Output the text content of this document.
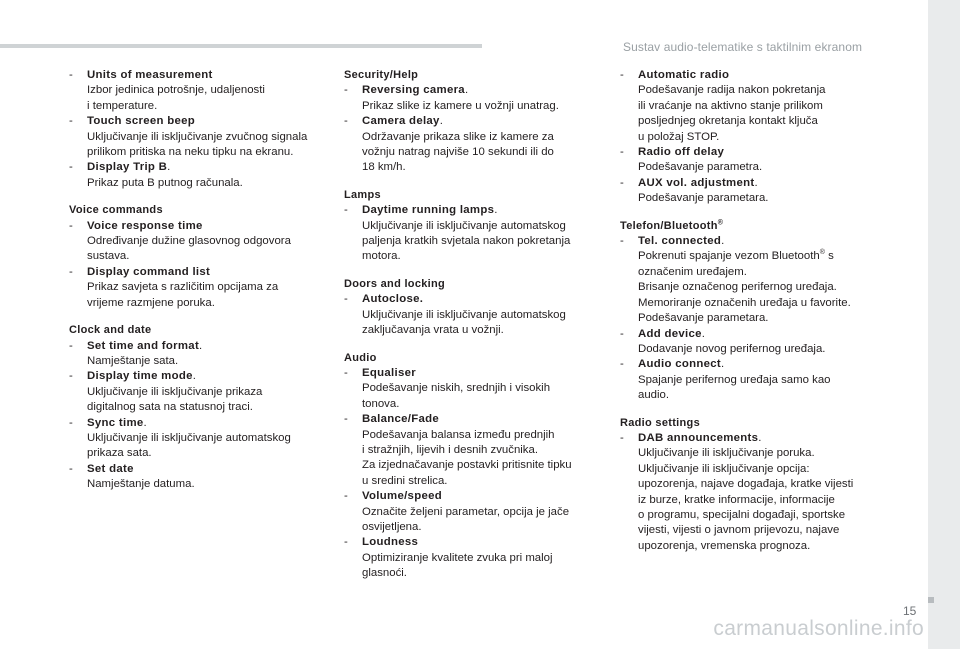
Sustav audio-telematike s taktilnim ekranom
- Units of measurement
Izbor jedinica potrošnje, udaljenosti
i temperature.
- Touch screen beep
Uključivanje ili isključivanje zvučnog signala
prilikom pritiska na neku tipku na ekranu.
- Display Trip B.
Prikaz puta B putnog računala.
Voice commands
- Voice response time
Određivanje dužine glasovnog odgovora
sustava.
- Display command list
Prikaz savjeta s različitim opcijama za
vrijeme razmjene poruka.
Clock and date
- Set time and format.
Namještanje sata.
- Display time mode.
Uključivanje ili isključivanje prikaza
digitalnog sata na statusnoj traci.
- Sync time.
Uključivanje ili isključivanje automatskog
prikaza sata.
- Set date
Namještanje datuma.
Security/Help
- Reversing camera.
Prikaz slike iz kamere u vožnji unatrag.
- Camera delay.
Održavanje prikaza slike iz kamere za
vožnju natrag najviše 10 sekundi ili do
18 km/h.
Lamps
- Daytime running lamps.
Uključivanje ili isključivanje automatskog
paljenja kratkih svjetala nakon pokretanja
motora.
Doors and locking
- Autoclose.
Uključivanje ili isključivanje automatskog
zaključavanja vrata u vožnji.
Audio
- Equaliser
Podešavanje niskih, srednjih i visokih
tonova.
- Balance/Fade
Podešavanja balansa između prednjih
i stražnjih, lijevih i desnih zvučnika.
Za izjednačavanje postavki pritisnite tipku
u sredini strelica.
- Volume/speed
Označite željeni parametar, opcija je jače
osvijetljena.
- Loudness
Optimiziranje kvalitete zvuka pri maloj
glasnoći.
- Automatic radio
Podešavanje radija nakon pokretanja
ili vraćanje na aktivno stanje prilikom
posljednjeg okretanja kontakt ključa
u položaj STOP.
- Radio off delay
Podešavanje parametra.
- AUX vol. adjustment.
Podešavanje parametara.
Telefon/Bluetooth®
- Tel. connected.
Pokrenuti spajanje vezom Bluetooth® s
označenim uređajem.
Brisanje označenog perifernog uređaja.
Memoriranje označenih uređaja u favorite.
Podešavanje parametara.
- Add device.
Dodavanje novog perifernog uređaja.
- Audio connect.
Spajanje perifernog uređaja samo kao
audio.
Radio settings
- DAB announcements.
Uključivanje ili isključivanje poruka.
Uključivanje ili isključivanje opcija:
upozorenja, najave događaja, kratke vijesti
iz burze, kratke informacije, informacije
o programu, specijalni događaji, sportske
vijesti, vijesti o javnom prijevozu, najave
upozorenja, vremenska prognoza.
15
carmanualsonline.info
